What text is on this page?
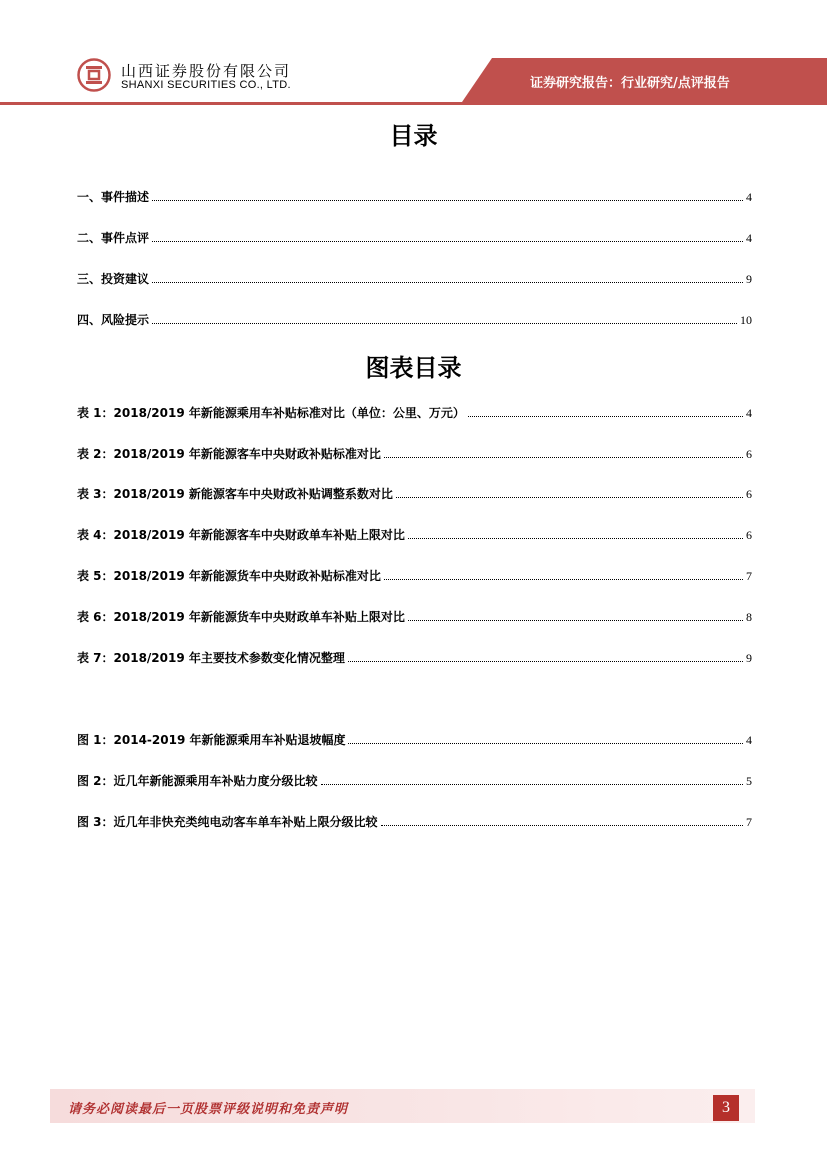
山西证券股份有限公司
SHANXI SECURITIES CO., LTD.	证券研究报告：行业研究/点评报告
目录
一、事件描述	4
二、事件点评	4
三、投资建议	9
四、风险提示	10
图表目录
表 1：2018/2019 年新能源乘用车补贴标准对比（单位：公里、万元）	4
表 2：2018/2019 年新能源客车中央财政补贴标准对比	6
表 3：2018/2019 新能源客车中央财政补贴调整系数对比	6
表 4：2018/2019 年新能源客车中央财政单车补贴上限对比	6
表 5：2018/2019 年新能源货车中央财政补贴标准对比	7
表 6：2018/2019 年新能源货车中央财政单车补贴上限对比	8
表 7：2018/2019 年主要技术参数变化情况整理	9
图 1：2014-2019 年新能源乘用车补贴退坡幅度	4
图 2：近几年新能源乘用车补贴力度分级比较	5
图 3：近几年非快充类纯电动客车单车补贴上限分级比较	7
请务必阅读最后一页股票评级说明和免责声明	3
